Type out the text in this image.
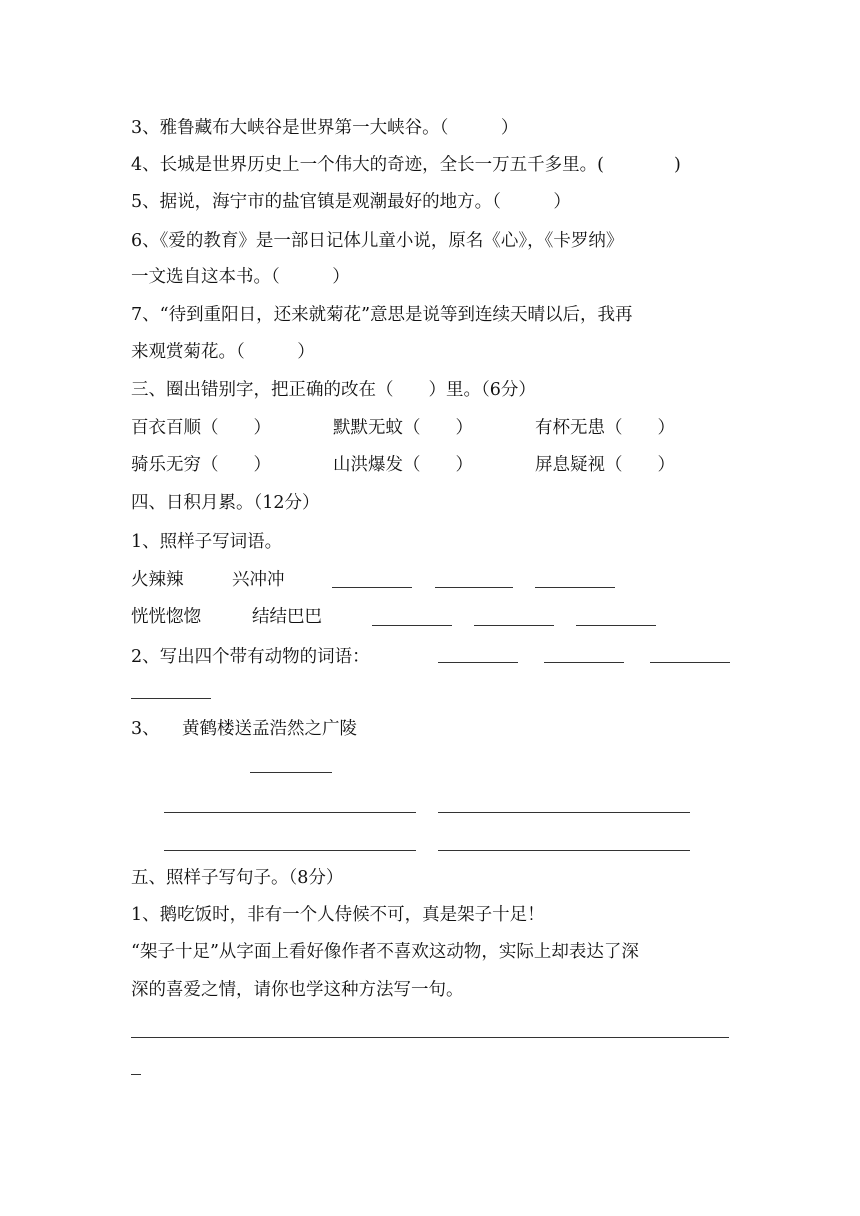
3、雅鲁藏布大峡谷是世界第一大峡谷。（　　　）
4、长城是世界历史上一个伟大的奇迹，全长一万五千多里。(　　　　)
5、据说，海宁市的盐官镇是观潮最好的地方。（　　　）
6、《爱的教育》是一部日记体儿童小说，原名《心》，《卡罗纳》
一文选自这本书。（　　　）
7、“待到重阳日，还来就菊花”意思是说等到连续天晴以后，我再
来观赏菊花。（　　　）
三、圈出错别字，把正确的改在（　　）里。（6分）
百衣百顺（　　）	默默无蚊（　　）	有杯无患（　　）
骑乐无穷（　　）	山洪爆发（　　）	屏息疑视（　　）
四、日积月累。（12分）
1、照样子写词语。
火辣辣	兴冲冲
恍恍惚惚	结结巴巴
2、写出四个带有动物的词语：
3、 黄鹤楼送孟浩然之广陵
五、照样子写句子。（8分）
1、鹅吃饭时，非有一个人侍候不可，真是架子十足！
“架子十足”从字面上看好像作者不喜欢这动物，实际上却表达了深
深的喜爱之情，请你也学这种方法写一句。
